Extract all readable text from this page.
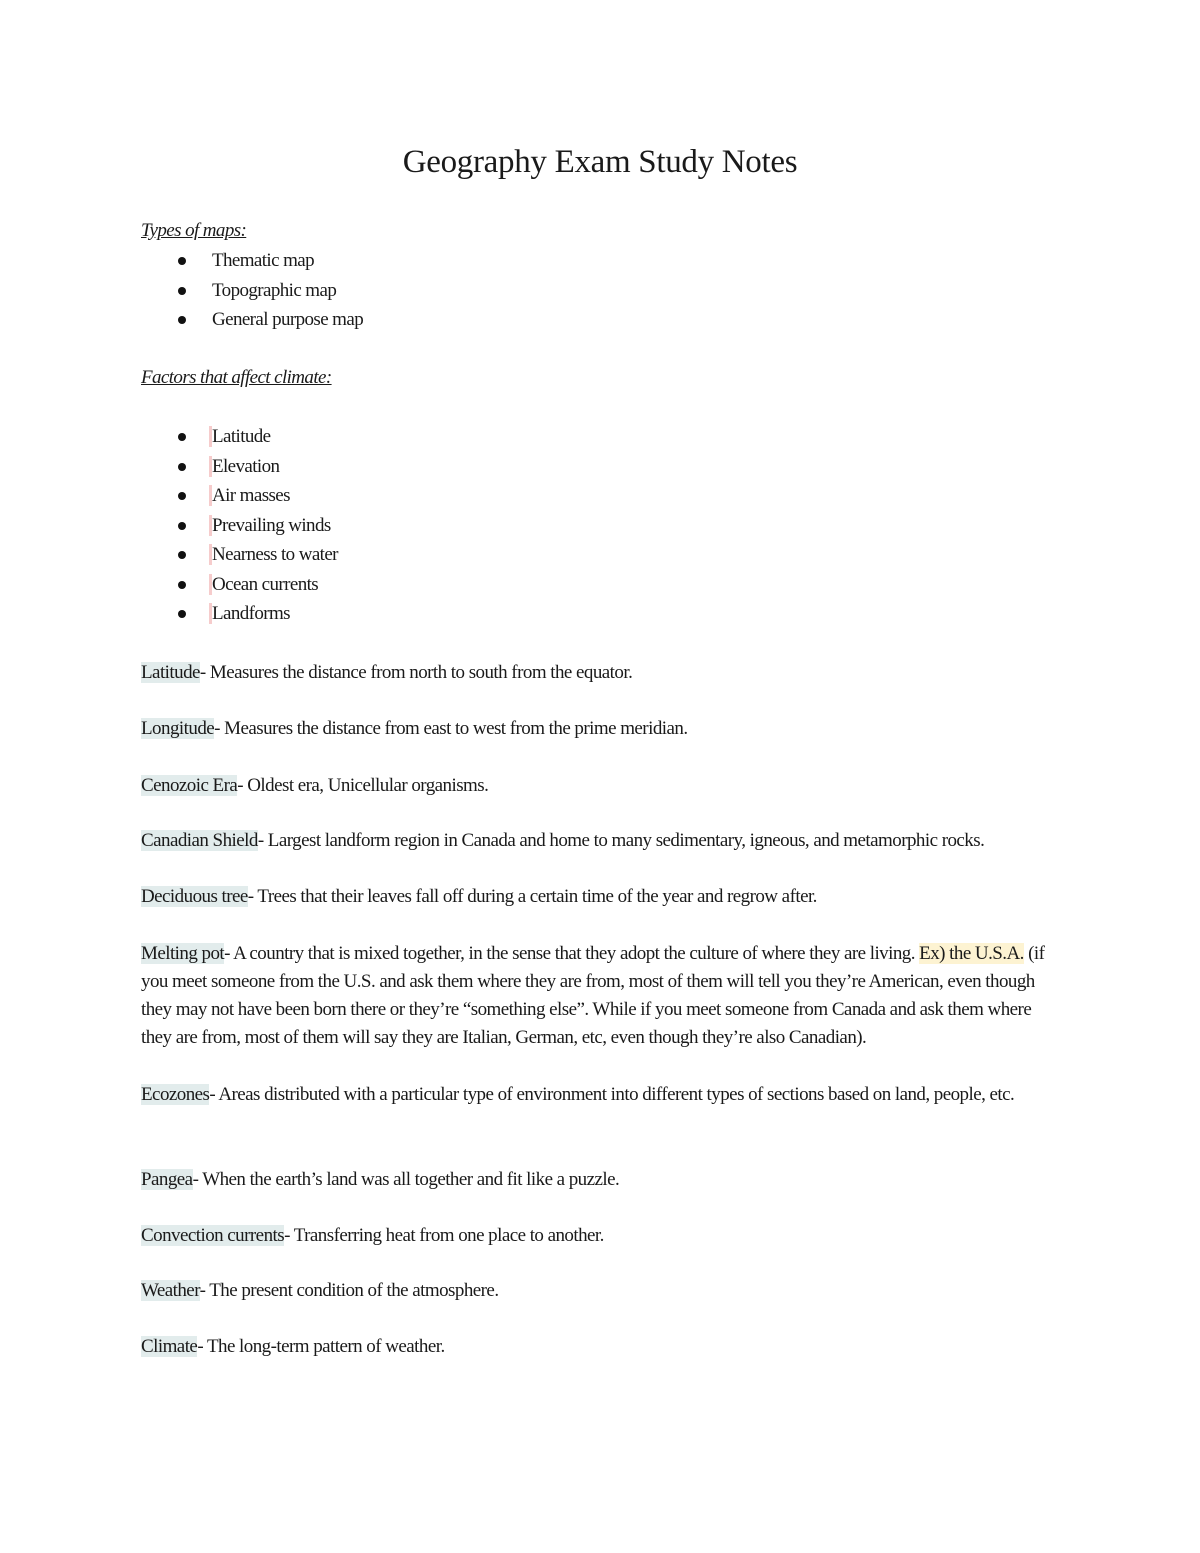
Geography Exam Study Notes
Types of maps:
Thematic map
Topographic map
General purpose map
Factors that affect climate:
Latitude
Elevation
Air masses
Prevailing winds
Nearness to water
Ocean currents
Landforms
Latitude- Measures the distance from north to south from the equator.
Longitude- Measures the distance from east to west from the prime meridian.
Cenozoic Era- Oldest era, Unicellular organisms.
Canadian Shield- Largest landform region in Canada and home to many sedimentary, igneous, and metamorphic rocks.
Deciduous tree- Trees that their leaves fall off during a certain time of the year and regrow after.
Melting pot- A country that is mixed together, in the sense that they adopt the culture of where they are living. Ex) the U.S.A. (if you meet someone from the U.S. and ask them where they are from, most of them will tell you they’re American, even though they may not have been born there or they’re “something else”. While if you meet someone from Canada and ask them where they are from, most of them will say they are Italian, German, etc, even though they’re also Canadian).
Ecozones- Areas distributed with a particular type of environment into different types of sections based on land, people, etc.
Pangea- When the earth’s land was all together and fit like a puzzle.
Convection currents- Transferring heat from one place to another.
Weather- The present condition of the atmosphere.
Climate- The long-term pattern of weather.
